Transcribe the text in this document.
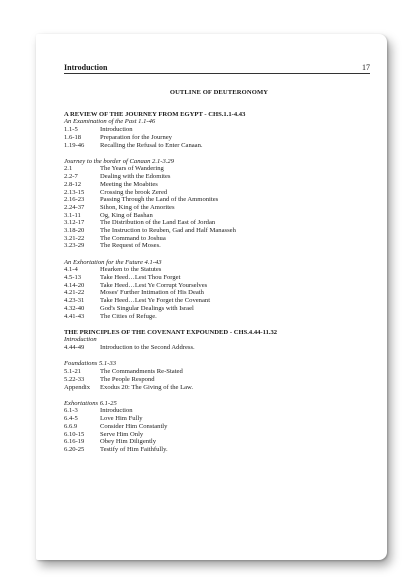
Introduction	17
OUTLINE OF DEUTERONOMY
A REVIEW OF THE JOURNEY FROM EGYPT - CHS.1.1-4.43
An Examination of the Past 1.1-46
1.1-5	Introduction
1.6-18	Preparation for the Journey
1.19-46	Recalling the Refusal to Enter Canaan.
Journey to the border of Canaan 2.1-3.29
2.1	The Years of Wandering
2.2-7	Dealing with the Edomites
2.8-12	Meeting the Moabites
2.13-15	Crossing the brook Zered
2.16-23	Passing Through the Land of the Ammonites
2.24-37	Sihon, King of the Amorites
3.1-11	Og, King of Bashan
3.12-17	The Distribution of the Land East of Jordan
3.18-20	The Instruction to Reuben, Gad and Half Manasseh
3.21-22	The Command to Joshua
3.23-29	The Request of Moses.
An Exhortation for the Future 4.1-43
4.1-4	Hearken to the Statutes
4.5-13	Take Heed…Lest Thou Forget
4.14-20	Take Heed…Lest Ye Corrupt Yourselves
4.21-22	Moses' Further Intimation of His Death
4.23-31	Take Heed…Lest Ye Forget the Covenant
4.32-40	God's Singular Dealings with Israel
4.41-43	The Cities of Refuge.
THE PRINCIPLES OF THE COVENANT EXPOUNDED - CHS.4.44-11.32
Introduction
4.44-49	Introduction to the Second Address.
Foundations 5.1-33
5.1-21	The Commandments Re-Stated
5.22-33	The People Respond
Appendix	Exodus 20: The Giving of the Law.
Exhortations 6.1-25
6.1-3	Introduction
6.4-5	Love Him Fully
6.6.9	Consider Him Constantly
6.10-15	Serve Him Only
6.16-19	Obey Him Diligently
6.20-25	Testify of Him Faithfully.
